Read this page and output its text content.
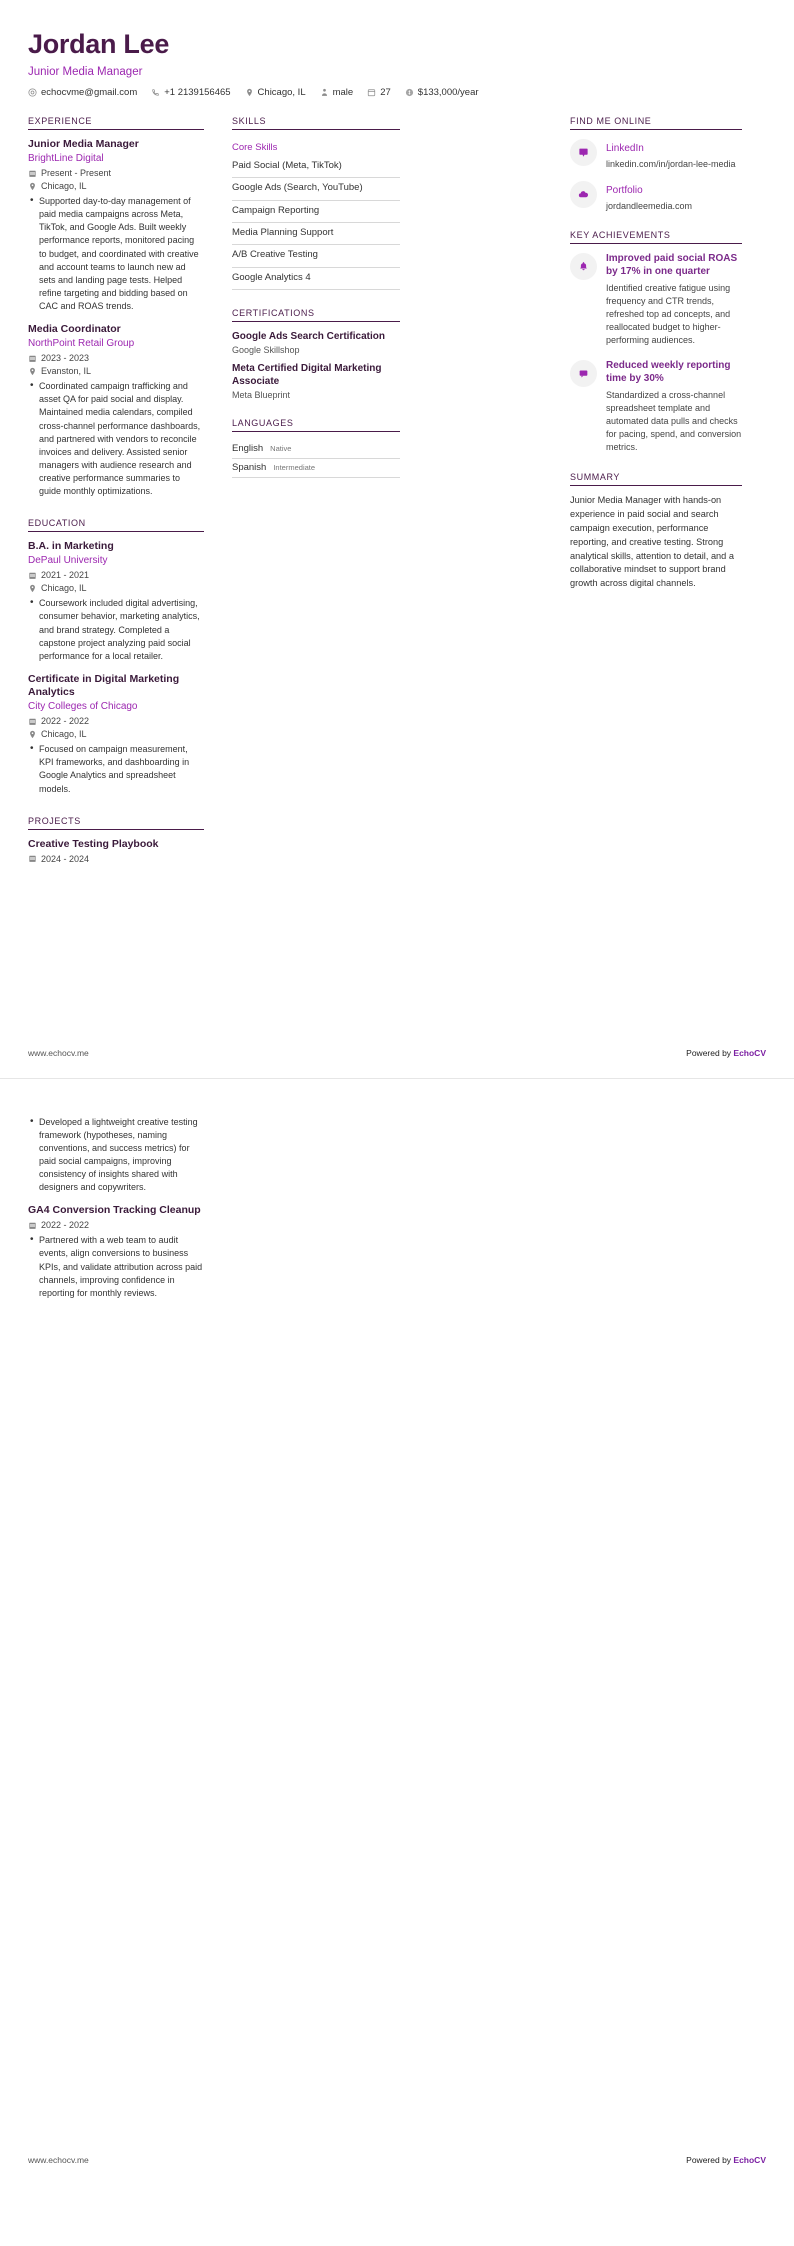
Jordan Lee
Junior Media Manager
echocvme@gmail.com	+1 2139156465	Chicago, IL	male	27	$133,000/year
EXPERIENCE
Junior Media Manager
BrightLine Digital
Present - Present
Chicago, IL
• Supported day-to-day management of paid media campaigns across Meta, TikTok, and Google Ads. Built weekly performance reports, monitored pacing to budget, and coordinated with creative and account teams to launch new ad sets and landing page tests. Helped refine targeting and bidding based on CAC and ROAS trends.
Media Coordinator
NorthPoint Retail Group
2023 - 2023
Evanston, IL
• Coordinated campaign trafficking and asset QA for paid social and display. Maintained media calendars, compiled cross-channel performance dashboards, and partnered with vendors to reconcile invoices and delivery. Assisted senior managers with audience research and creative performance summaries to guide monthly optimizations.
EDUCATION
B.A. in Marketing
DePaul University
2021 - 2021
Chicago, IL
• Coursework included digital advertising, consumer behavior, marketing analytics, and brand strategy. Completed a capstone project analyzing paid social performance for a local retailer.
Certificate in Digital Marketing Analytics
City Colleges of Chicago
2022 - 2022
Chicago, IL
• Focused on campaign measurement, KPI frameworks, and dashboarding in Google Analytics and spreadsheet models.
PROJECTS
Creative Testing Playbook
2024 - 2024
SKILLS
Core Skills
Paid Social (Meta, TikTok)
Google Ads (Search, YouTube)
Campaign Reporting
Media Planning Support
A/B Creative Testing
Google Analytics 4
CERTIFICATIONS
Google Ads Search Certification
Google Skillshop
Meta Certified Digital Marketing Associate
Meta Blueprint
LANGUAGES
English Native
Spanish Intermediate
FIND ME ONLINE
LinkedIn
linkedin.com/in/jordan-lee-media
Portfolio
jordandleemedia.com
KEY ACHIEVEMENTS
Improved paid social ROAS by 17% in one quarter
Identified creative fatigue using frequency and CTR trends, refreshed top ad concepts, and reallocated budget to higher-performing audiences.
Reduced weekly reporting time by 30%
Standardized a cross-channel spreadsheet template and automated data pulls and checks for pacing, spend, and conversion metrics.
SUMMARY
Junior Media Manager with hands-on experience in paid social and search campaign execution, performance reporting, and creative testing. Strong analytical skills, attention to detail, and a collaborative mindset to support brand growth across digital channels.
www.echocv.me	Powered by EchoCV
• Developed a lightweight creative testing framework (hypotheses, naming conventions, and success metrics) for paid social campaigns, improving consistency of insights shared with designers and copywriters.
GA4 Conversion Tracking Cleanup
2022 - 2022
• Partnered with a web team to audit events, align conversions to business KPIs, and validate attribution across paid channels, improving confidence in reporting for monthly reviews.
www.echocv.me	Powered by EchoCV
